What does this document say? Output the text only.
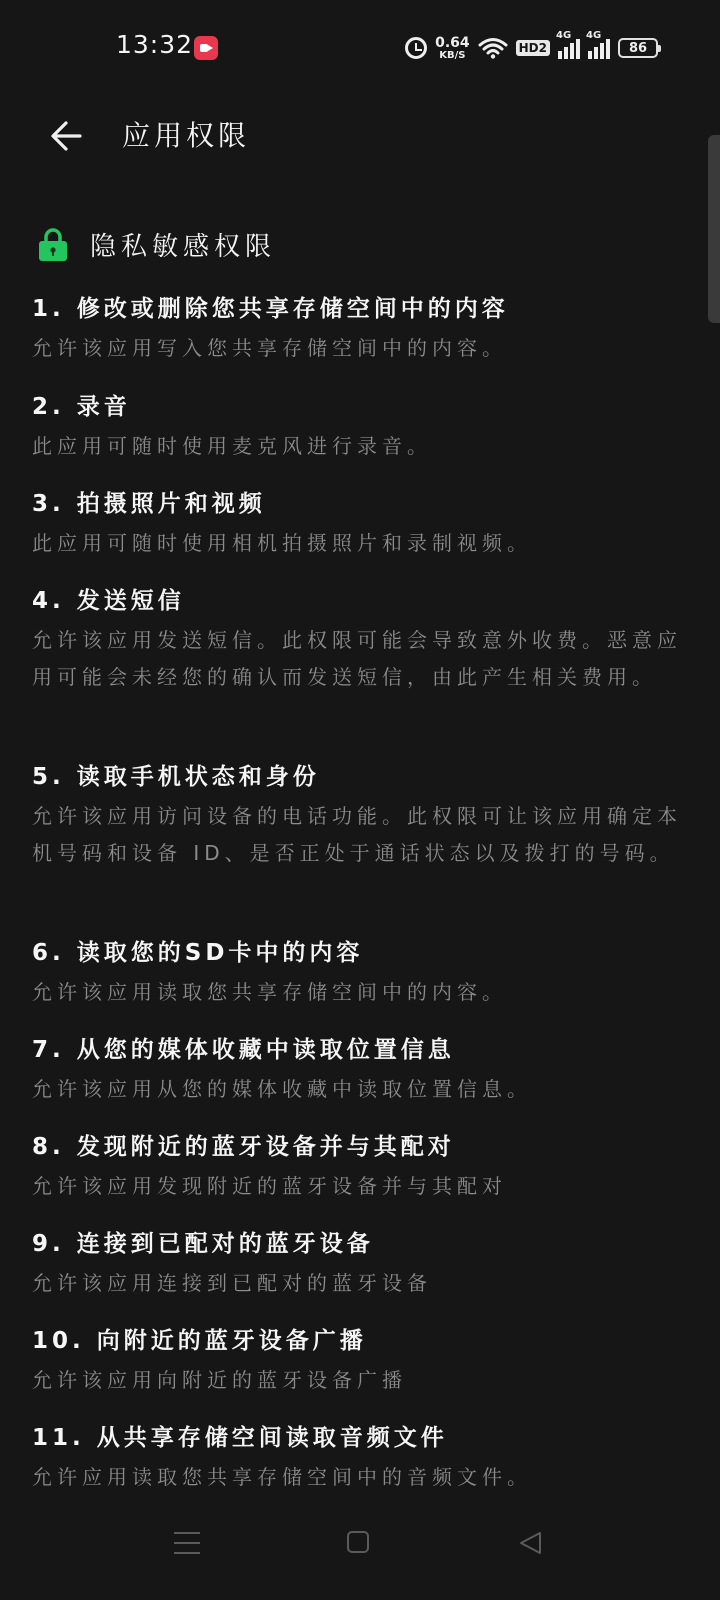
13:32	0.64
KB/S	HD2
4G 4G
86
应用权限
隐私敏感权限
1. 修改或删除您共享存储空间中的内容
允许该应用写入您共享存储空间中的内容。
2. 录音
此应用可随时使用麦克风进行录音。
3. 拍摄照片和视频
此应用可随时使用相机拍摄照片和录制视频。
4. 发送短信
允许该应用发送短信。此权限可能会导致意外收费。恶意应用可能会未经您的确认而发送短信，由此产生相关费用。
5. 读取手机状态和身份
允许该应用访问设备的电话功能。此权限可让该应用确定本机号码和设备 ID、是否正处于通话状态以及拨打的号码。
6. 读取您的SD卡中的内容
允许该应用读取您共享存储空间中的内容。
7. 从您的媒体收藏中读取位置信息
允许该应用从您的媒体收藏中读取位置信息。
8. 发现附近的蓝牙设备并与其配对
允许该应用发现附近的蓝牙设备并与其配对
9. 连接到已配对的蓝牙设备
允许该应用连接到已配对的蓝牙设备
10. 向附近的蓝牙设备广播
允许该应用向附近的蓝牙设备广播
11. 从共享存储空间读取音频文件
允许应用读取您共享存储空间中的音频文件。
